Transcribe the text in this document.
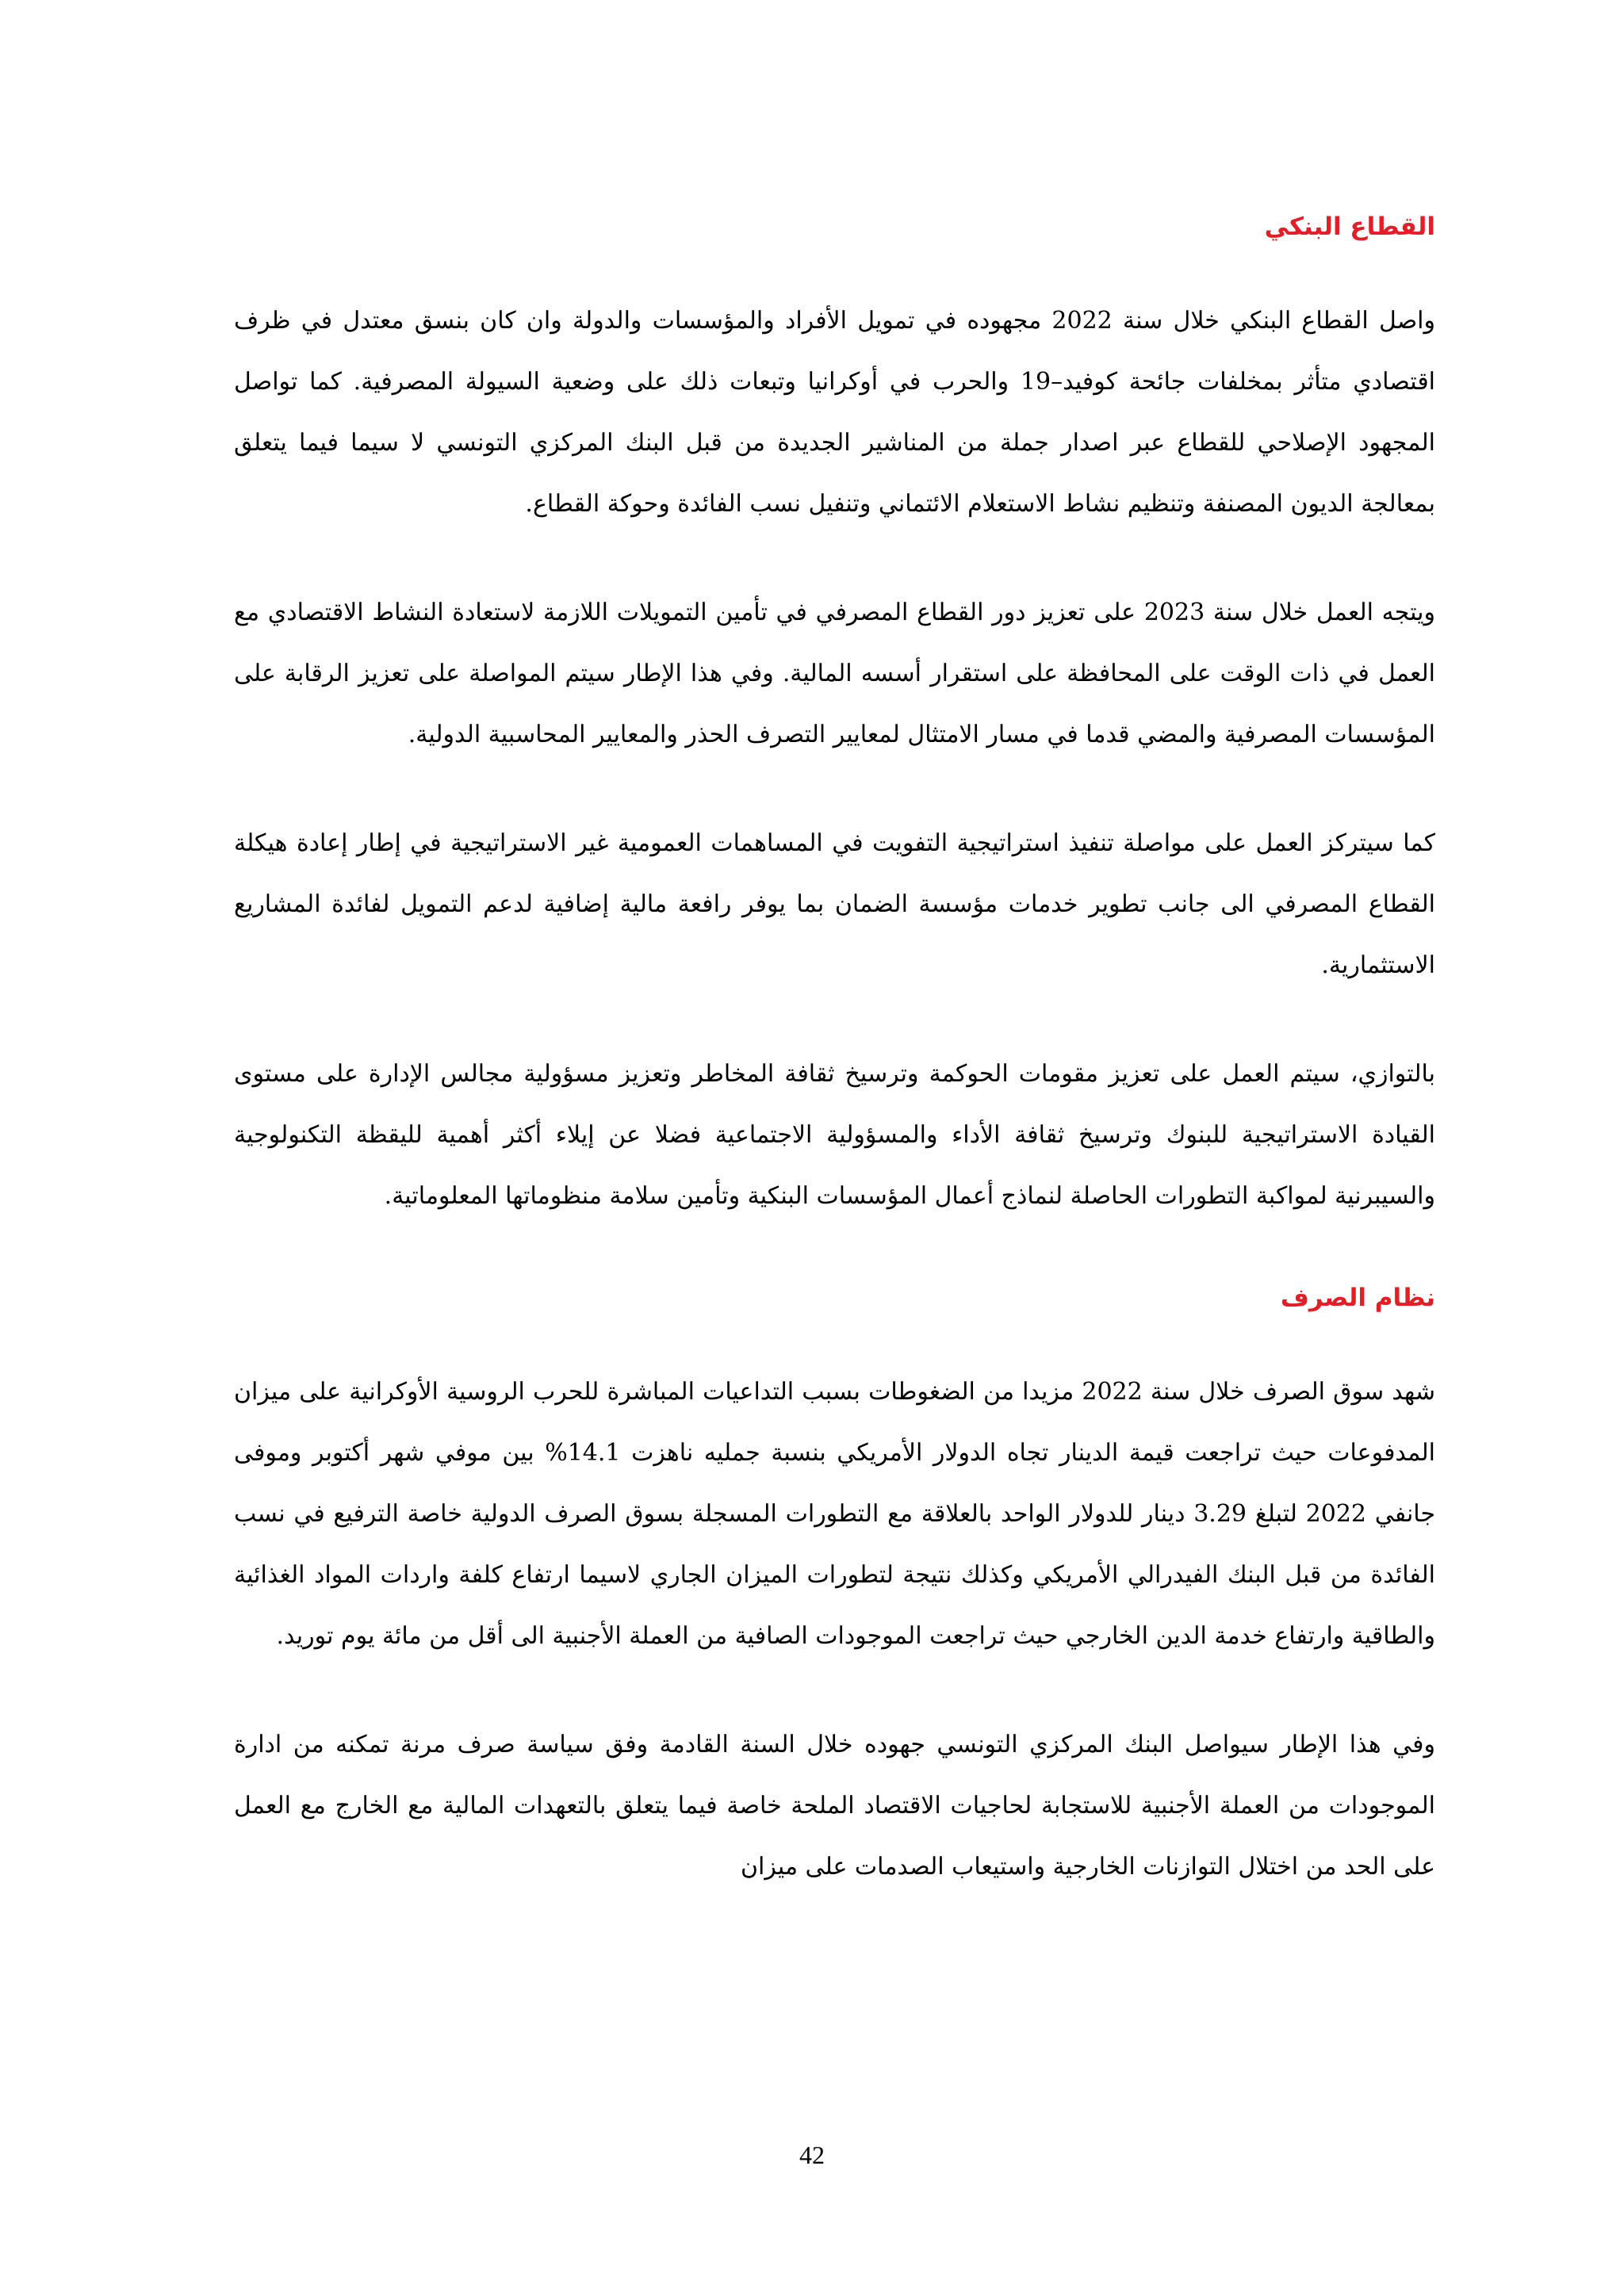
القطاع البنكي

واصل القطاع البنكي خلال سنة 2022 مجهوده في تمويل الأفراد والمؤسسات والدولة وان كان بنسق معتدل في ظرف اقتصادي متأثر بمخلفات جائحة كوفيد–19 والحرب في أوكرانيا وتبعات ذلك على وضعية السيولة المصرفية. كما تواصل المجهود الإصلاحي للقطاع عبر اصدار جملة من المناشير الجديدة من قبل البنك المركزي التونسي لا سيما فيما يتعلق بمعالجة الديون المصنفة وتنظيم نشاط الاستعلام الائتماني وتنفيل نسب الفائدة وحوكة القطاع.

ويتجه العمل خلال سنة 2023 على تعزيز دور القطاع المصرفي في تأمين التمويلات اللازمة لاستعادة النشاط الاقتصادي مع العمل في ذات الوقت على المحافظة على استقرار أسسه المالية. وفي هذا الإطار سيتم المواصلة على تعزيز الرقابة على المؤسسات المصرفية والمضي قدما في مسار الامتثال لمعايير التصرف الحذر والمعايير المحاسبية الدولية.

كما سيتركز العمل على مواصلة تنفيذ استراتيجية التفويت في المساهمات العمومية غير الاستراتيجية في إطار إعادة هيكلة القطاع المصرفي الى جانب تطوير خدمات مؤسسة الضمان بما يوفر رافعة مالية إضافية لدعم التمويل لفائدة المشاريع الاستثمارية.

بالتوازي، سيتم العمل على تعزيز مقومات الحوكمة وترسيخ ثقافة المخاطر وتعزيز مسؤولية مجالس الإدارة على مستوى القيادة الاستراتيجية للبنوك وترسيخ ثقافة الأداء والمسؤولية الاجتماعية فضلا عن إيلاء أكثر أهمية لليقظة التكنولوجية والسيبرنية لمواكبة التطورات الحاصلة لنماذج أعمال المؤسسات البنكية وتأمين سلامة منظوماتها المعلوماتية.

نظام الصرف

شهد سوق الصرف خلال سنة 2022 مزيدا من الضغوطات بسبب التداعيات المباشرة للحرب الروسية الأوكرانية على ميزان المدفوعات حيث تراجعت قيمة الدينار تجاه الدولار الأمريكي بنسبة جمليه ناهزت 14.1% بين موفي شهر أكتوبر وموفى جانفي 2022 لتبلغ 3.29 دينار للدولار الواحد بالعلاقة مع التطورات المسجلة بسوق الصرف الدولية خاصة الترفيع في نسب الفائدة من قبل البنك الفيدرالي الأمريكي وكذلك نتيجة لتطورات الميزان الجاري لاسيما ارتفاع كلفة واردات المواد الغذائية والطاقية وارتفاع خدمة الدين الخارجي حيث تراجعت الموجودات الصافية من العملة الأجنبية الى أقل من مائة يوم توريد.

وفي هذا الإطار سيواصل البنك المركزي التونسي جهوده خلال السنة القادمة وفق سياسة صرف مرنة تمكنه من ادارة الموجودات من العملة الأجنبية للاستجابة لحاجيات الاقتصاد الملحة خاصة فيما يتعلق بالتعهدات المالية مع الخارج مع العمل على الحد من اختلال التوازنات الخارجية واستيعاب الصدمات على ميزان

42
